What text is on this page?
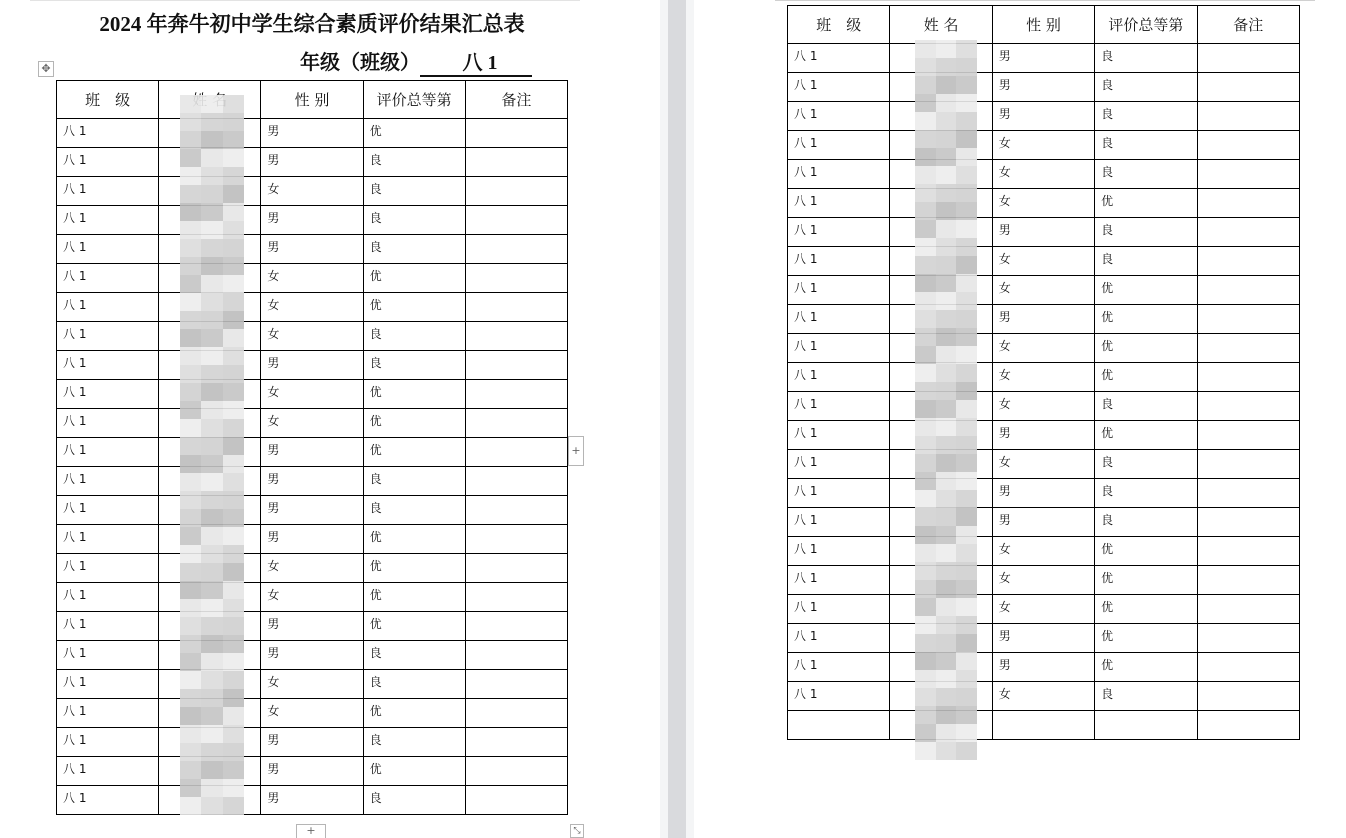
2024 年奔牛初中学生综合素质评价结果汇总表
年级（班级） 八 1
✥
班　级		性 别	评价总等第	备注
八 1		男	优	
八 1		男	良	
八 1		女	良	
八 1		男	良	
八 1		男	良	
八 1		女	优	
八 1		女	优	
八 1		女	良	
八 1		男	良	
八 1		女	优	
八 1		女	优	
八 1		男	优	
八 1		男	良	
八 1		男	良	
八 1		男	优	
八 1		女	优	
八 1		女	优	
八 1		男	优	
八 1		男	良	
八 1		女	良	
八 1		女	优	
八 1		男	良	
八 1		男	优	
八 1		男	良	
班　级	姓 名	性 别	评价总等第	备注
八 1		男	良	
八 1		男	良	
八 1		男	良	
八 1		女	良	
八 1		女	良	
八 1		女	优	
八 1		男	良	
八 1		女	良	
八 1		女	优	
八 1		男	优	
八 1		女	优	
八 1		女	优	
八 1		女	良	
八 1		男	优	
八 1		女	良	
八 1		男	良	
八 1		男	良	
八 1		女	优	
八 1		女	优	
八 1		女	优	
八 1		男	优	
八 1		男	优	
八 1		女	良	

+
+	⤡
